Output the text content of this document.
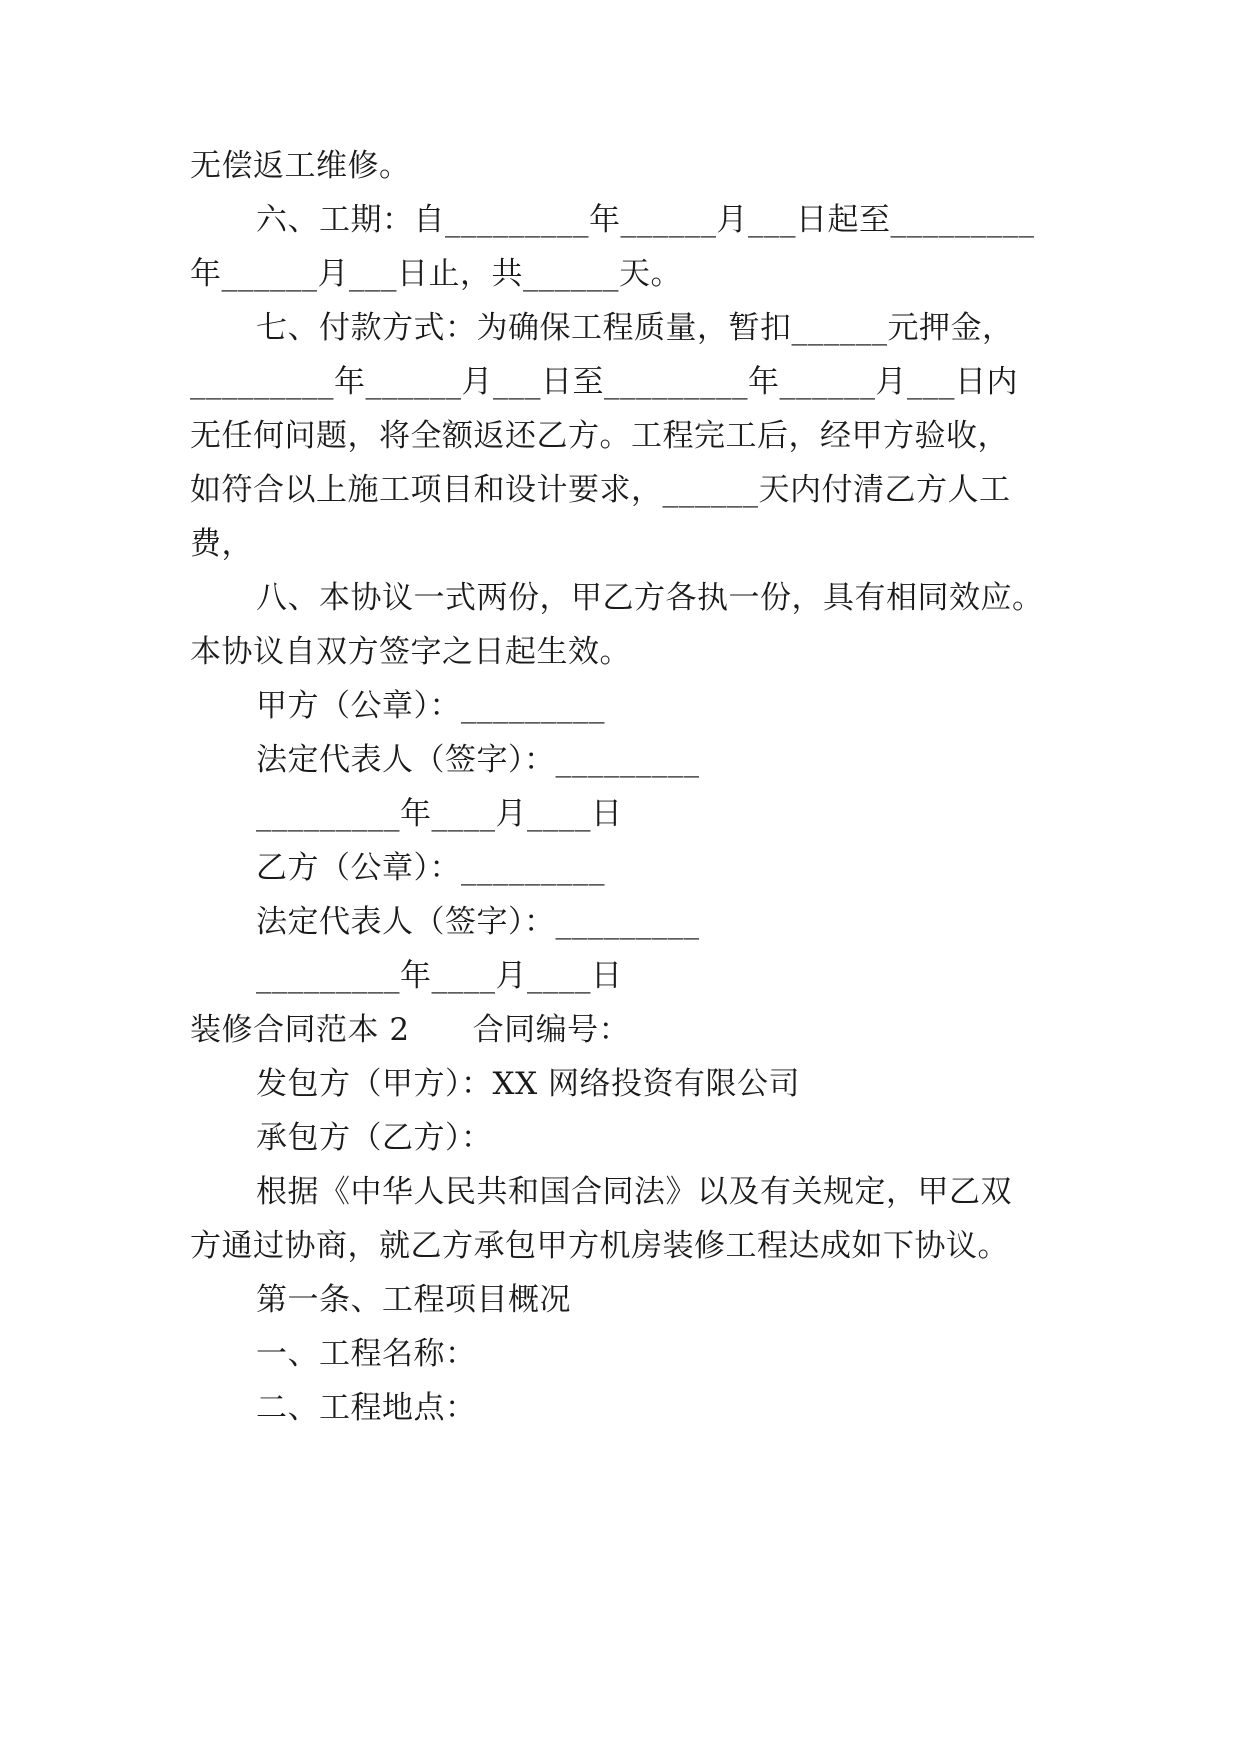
无偿返工维修。
六、工期：自_________年______月___日起至_________
年______月___日止，共______天。
七、付款方式：为确保工程质量，暂扣______元押金，
_________年______月___日至_________年______月___日内
无任何问题，将全额返还乙方。工程完工后，经甲方验收，
如符合以上施工项目和设计要求，______天内付清乙方人工
费，
八、本协议一式两份，甲乙方各执一份，具有相同效应。
本协议自双方签字之日起生效。
甲方（公章）：_________
法定代表人（签字）：_________
_________年____月____日
乙方（公章）：_________
法定代表人（签字）：_________
_________年____月____日
装修合同范本 2　　合同编号：
发包方（甲方）：XX 网络投资有限公司
承包方（乙方）：
根据《中华人民共和国合同法》以及有关规定，甲乙双
方通过协商，就乙方承包甲方机房装修工程达成如下协议。
第一条、工程项目概况
一、工程名称：
二、工程地点：
